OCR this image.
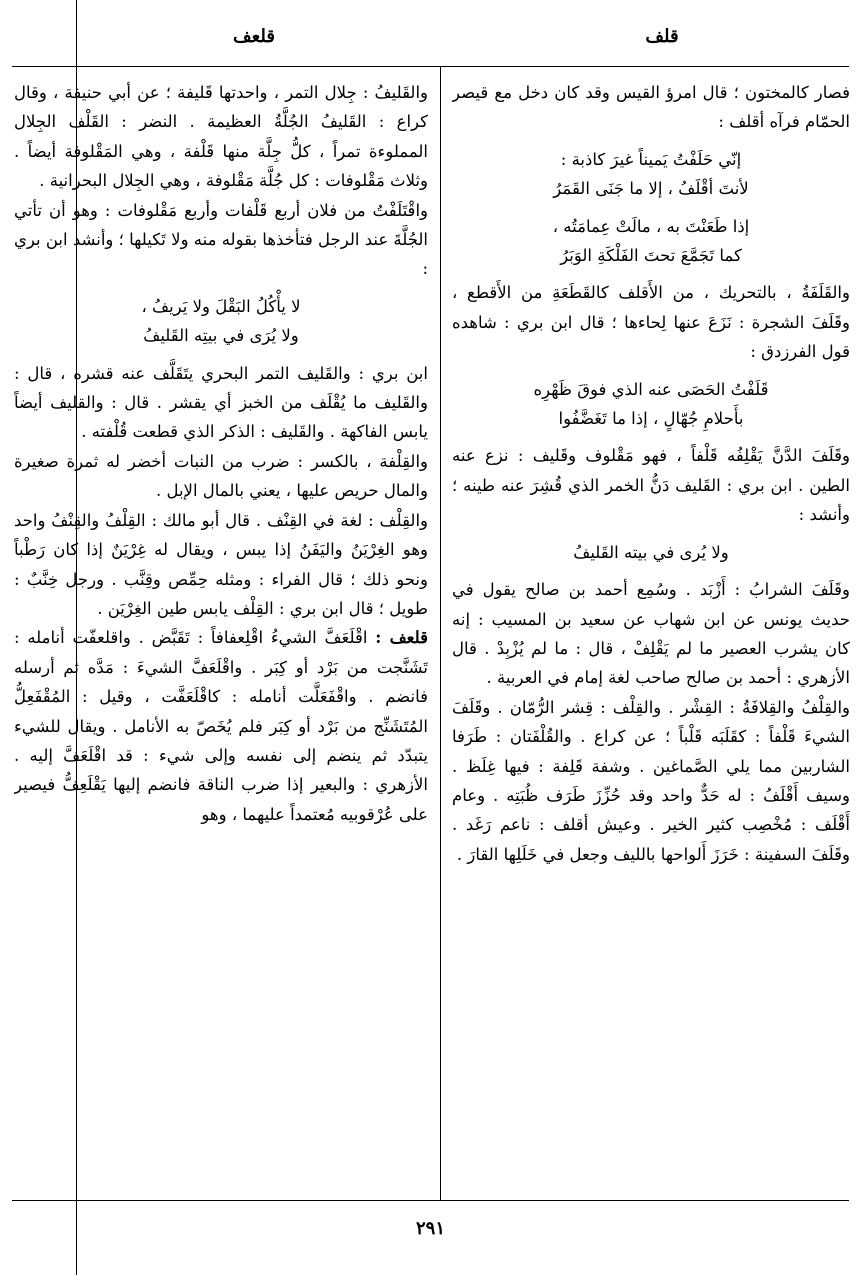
قلف
قلعف

فصار كالمختون ؛ قال امرؤ القيس وقد كان دخل مع قيصر الحمّام فرآه أقلف :

إنّي حَلَفْتُ يَميناً غيرَ كاذبة :
لأنتَ أقْلَفُ ، إلا ما جَنَى القَمَرُ
إذا طَعَنْتَ به ، مالَتْ عِمامَتُه ،
كما تَجَمَّعَ تحتَ الفَلْكَةِ الوَبَرُ

والقَلَفَةُ ، بالتحريك ، من الأَقلف كالقَطَعَةِ من الأَقطع ، وقَلَفَ الشجرة : نَزَعَ عنها لِحاءها ؛ قال ابن بري : شاهده قول الفرزدق :

قَلَفْتُ الحَصَى عنه الذي فوقَ ظَهْرِه
بأَحلامِ جُهّالٍ ، إذا ما تَغَضَّفُوا

وقَلَفَ الدَّنَّ يَقْلِفُه قَلْفاً ، فهو مَقْلوف وقَليف : نزع عنه الطين . ابن بري : القَليف دَنُّ الخمر الذي قُشِرَ عنه طينه ؛ وأنشد :

ولا يُرى في بيته القَليفُ

وقَلَفَ الشرابُ : أَزْبَد . وسُمِع أحمد بن صالح يقول في حديث يونس عن ابن شهاب عن سعيد بن المسيب : إنه كان يشرب العصير ما لم يَقْلِفْ ، قال : ما لم يُزْبِدْ . قال الأزهري : أحمد بن صالح صاحب لغة إمام في العربية .

والقِلْفُ والقِلافَةُ : القِشْر . والقِلْف : قِشر الرُّمّان . وقَلَفَ الشيءَ قَلْفاً : كقَلَبَه قَلْباً ؛ عن كراع . والقُلْفَتان : طَرَفا الشاربين مما يلي الصَّماغين . وشفة قَلِفة : فيها غِلَظ . وسيف أَقْلَفُ : له حَدٌّ واحد وقد حُزِّزَ طَرَف ظُبَتِه . وعام أَقْلَف : مُخْصِب كثير الخير . وعيش أقلف : ناعم رَغَد . وقَلَفَ السفينة : خَرَزَ أَلواحها بالليف وجعل في خَلَلِها القارَ .

والقَليفُ : جِلال التمر ، واحدتها قَليفة ؛ عن أبي حنيفة ، وقال كراع : القَليفُ الجُلَّةُ العظيمة . النضر : القَلْف الجِلال المملوءة تمراً ، كلُّ جِلَّة منها قَلْفة ، وهي المَقْلوفة أيضاً . وثلاث مَقْلوفات : كل جُلَّة مَقْلوفة ، وهي الجِلال البحرانية .

واقْتَلَفْتُ من فلان أربع قَلْفات وأربع مَقْلوفات : وهو أن تأتي الجُلَّةَ عند الرجل فتأخذها بقوله منه ولا تَكيلها ؛ وأنشد ابن بري :

لا يأْكُلُ البَقْلَ ولا يَريفُ ،
ولا يُرَى في بيتِه القَليفُ

ابن بري : والقَليف التمر البحري يتَقَلَّف عنه قشره ، قال : والقَليف ما يُقْلَف من الخبز أي يقشر . قال : والقليف أيضاً يابس الفاكهة . والقَليف : الذكر الذي قطعت قُلْفته .

والقِلْفة ، بالكسر : ضرب من النبات أخضر له ثمرة صغيرة والمال حريص عليها ، يعني بالمال الإبل .

والقِلْف : لغة في القِنْف . قال أبو مالك : القِلْفُ والقِنْفُ واحد وهو الغِرْيَنُ واليَفَنُ إذا يبس ، ويقال له غِرْيَنٌ إذا كان رَطْباً ونحو ذلك ؛ قال الفراء : ومثله حِمِّص وقِنَّب . ورجل خِنَّبٌ : طويل ؛ قال ابن بري : القِلْف يابس طين الغِرْيَن .

قلعف : اقْلَعَفَّ الشيءُ اقْلِعفافاً : تَقَبَّض . واقلعفّت أنامله : تَشَنَّجت من بَرْد أو كِبَر . واقْلَعَفَّ الشيءَ : مَدَّه ثم أرسله فانضم . واقْفَعَلَّت أنامله : كاقْلَعَفَّت ، وقيل : المُقْفَعِلُّ المُتَشَنِّج من بَرْد أو كِبَر فلم يُخَصّ به الأنامل . ويقال للشيء يتبدّد ثم ينضم إلى نفسه وإلى شيء : قد اقْلَعَفَّ إليه . الأزهري : والبعير إذا ضرب الناقة فانضم إليها يَقْلَعِفُّ فيصير على عُرْقوبيه مُعتمداً عليهما ، وهو

٢٩١
